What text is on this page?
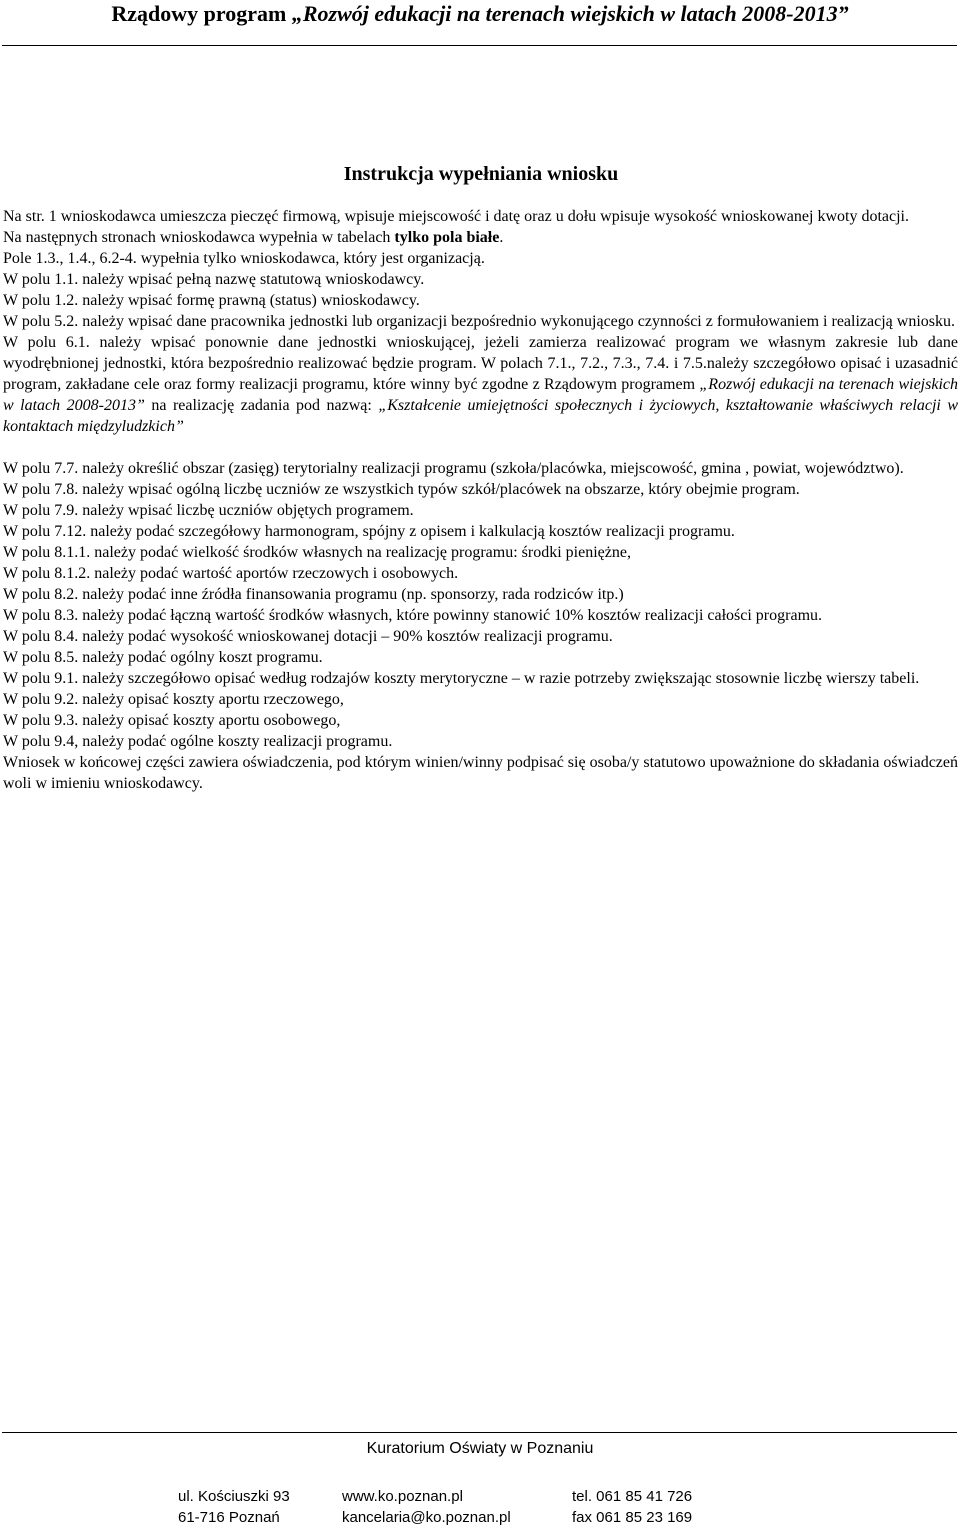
Rządowy program „Rozwój edukacji na terenach wiejskich w latach 2008-2013”
Instrukcja wypełniania wniosku

Na str. 1 wnioskodawca umieszcza pieczęć firmową, wpisuje miejscowość i datę oraz u dołu wpisuje wysokość wnioskowanej kwoty dotacji.

Na następnych stronach wnioskodawca wypełnia w tabelach tylko pola białe.

Pole 1.3., 1.4., 6.2-4. wypełnia tylko wnioskodawca, który jest organizacją.

W polu 1.1. należy wpisać pełną nazwę statutową wnioskodawcy.

W polu 1.2. należy wpisać formę prawną (status) wnioskodawcy.

W polu 5.2. należy wpisać dane pracownika jednostki lub organizacji bezpośrednio wykonującego czynności z formułowaniem i realizacją wniosku.

W polu 6.1. należy wpisać ponownie dane jednostki wnioskującej, jeżeli zamierza realizować program we własnym zakresie lub dane wyodrębnionej jednostki, która bezpośrednio realizować będzie program. W polach 7.1., 7.2., 7.3., 7.4. i 7.5.należy szczegółowo opisać i uzasadnić program, zakładane cele oraz formy realizacji programu, które winny być zgodne z Rządowym programem „Rozwój edukacji na terenach wiejskich w latach 2008-2013” na realizację zadania pod nazwą: „Kształcenie umiejętności społecznych i życiowych, kształtowanie właściwych relacji w kontaktach międzyludzkich”

W polu 7.7. należy określić obszar (zasięg) terytorialny realizacji programu (szkoła/placówka, miejscowość, gmina , powiat, województwo).

W polu 7.8. należy wpisać ogólną liczbę uczniów ze wszystkich typów szkół/placówek na obszarze, który obejmie program.

W polu 7.9. należy wpisać liczbę uczniów objętych programem.

W polu 7.12. należy podać szczegółowy harmonogram, spójny z opisem i kalkulacją kosztów realizacji programu.

W polu 8.1.1. należy podać wielkość środków własnych na realizację programu: środki pieniężne,

W polu 8.1.2. należy podać wartość aportów rzeczowych i osobowych.

W polu 8.2. należy podać inne źródła finansowania programu (np. sponsorzy, rada rodziców itp.)

W polu 8.3. należy podać łączną wartość środków własnych, które powinny stanowić 10% kosztów realizacji całości programu.

W polu 8.4. należy podać wysokość wnioskowanej dotacji – 90% kosztów realizacji programu.

W polu 8.5. należy podać ogólny koszt programu.

W polu 9.1. należy szczegółowo opisać według rodzajów koszty merytoryczne – w razie potrzeby zwiększając stosownie liczbę wierszy tabeli.

W polu 9.2. należy opisać koszty aportu rzeczowego,

W polu 9.3. należy opisać koszty aportu osobowego,

W polu 9.4, należy podać ogólne koszty realizacji programu.

Wniosek w końcowej części zawiera oświadczenia, pod którym winien/winny podpisać się osoba/y statutowo upoważnione do składania oświadczeń woli w imieniu wnioskodawcy.

Kuratorium Oświaty w Poznaniu
ul. Kościuszki 93
61-716 Poznań
www.ko.poznan.pl
kancelaria@ko.poznan.pl
tel. 061 85 41 726
fax 061 85 23 169
